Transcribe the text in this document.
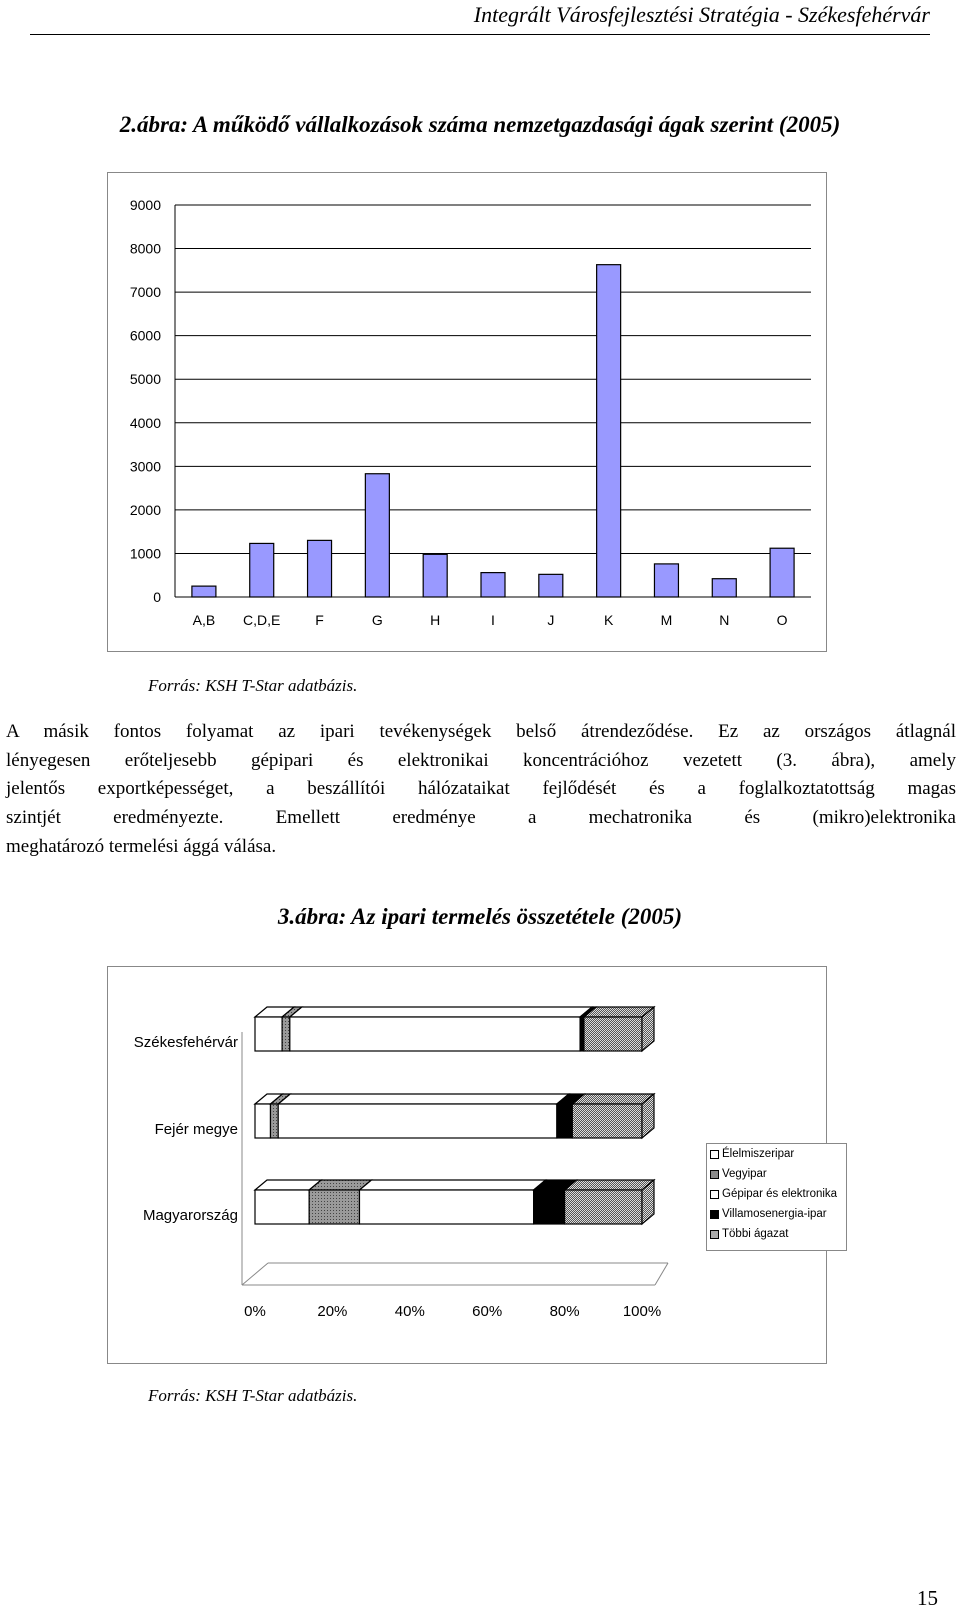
Integrált Városfejlesztési Stratégia - Székesfehérvár
2.ábra: A működő vállalkozások száma nemzetgazdasági ágak szerint (2005)
0
1000
2000
3000
4000
5000
6000
7000
8000
9000
A,B C,D,E F	G	H	I	J	K	M	N	O
Forrás: KSH T-Star adatbázis.
A másik fontos folyamat az ipari tevékenységek belső átrendeződése. Ez az országos átlagnál
lényegesen erőteljesebb gépipari és elektronikai koncentrációhoz vezetett (3. ábra), amely
jelentős exportképességet, a beszállítói hálózataikat fejlődését és a foglalkoztatottság magas
szintjét eredményezte. Emellett eredménye a mechatronika és (mikro)elektronika
meghatározó termelési ággá válása.
3.ábra: Az ipari termelés összetétele (2005)
Székesfehérvár
Fejér megye
Magyarország
0%	20%	40%	60%	80%	100%
Élelmiszeripar
Vegyipar
Gépipar és elektronika
Villamosenergia-ipar
Többi ágazat
Forrás: KSH T-Star adatbázis.
15
